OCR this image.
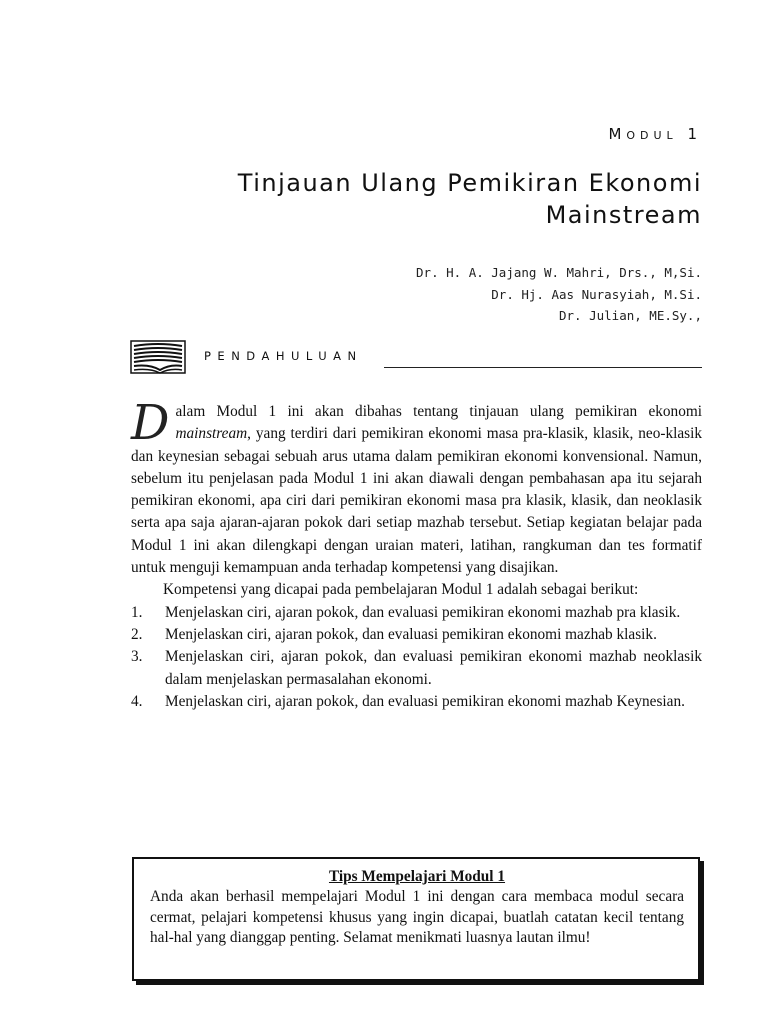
Modul 1
Tinjauan Ulang Pemikiran Ekonomi
Mainstream
Dr. H. A. Jajang W. Mahri, Drs., M,Si.
Dr. Hj. Aas Nurasyiah, M.Si.
Dr. Julian, ME.Sy.,
PENDAHULUAN

Dalam Modul 1 ini akan dibahas tentang tinjauan ulang pemikiran ekonomi mainstream, yang terdiri dari pemikiran ekonomi masa pra-klasik, klasik, neo-klasik dan keynesian sebagai sebuah arus utama dalam pemikiran ekonomi konvensional. Namun, sebelum itu penjelasan pada Modul 1 ini akan diawali dengan pembahasan apa itu sejarah pemikiran ekonomi, apa ciri dari pemikiran ekonomi masa pra klasik, klasik, dan neoklasik serta apa saja ajaran-ajaran pokok dari setiap mazhab tersebut. Setiap kegiatan belajar pada Modul 1 ini akan dilengkapi dengan uraian materi, latihan, rangkuman dan tes formatif untuk menguji kemampuan anda terhadap kompetensi yang disajikan.

Kompetensi yang dicapai pada pembelajaran Modul 1 adalah sebagai berikut:

1. Menjelaskan ciri, ajaran pokok, dan evaluasi pemikiran ekonomi mazhab pra klasik.
2. Menjelaskan ciri, ajaran pokok, dan evaluasi pemikiran ekonomi mazhab klasik.
3. Menjelaskan ciri, ajaran pokok, dan evaluasi pemikiran ekonomi mazhab neoklasik dalam menjelaskan permasalahan ekonomi.
4. Menjelaskan ciri, ajaran pokok, dan evaluasi pemikiran ekonomi mazhab Keynesian.
Tips Mempelajari Modul 1

Anda akan berhasil mempelajari Modul 1 ini dengan cara membaca modul secara cermat, pelajari kompetensi khusus yang ingin dicapai, buatlah catatan kecil tentang hal-hal yang dianggap penting. Selamat menikmati luasnya lautan ilmu!
